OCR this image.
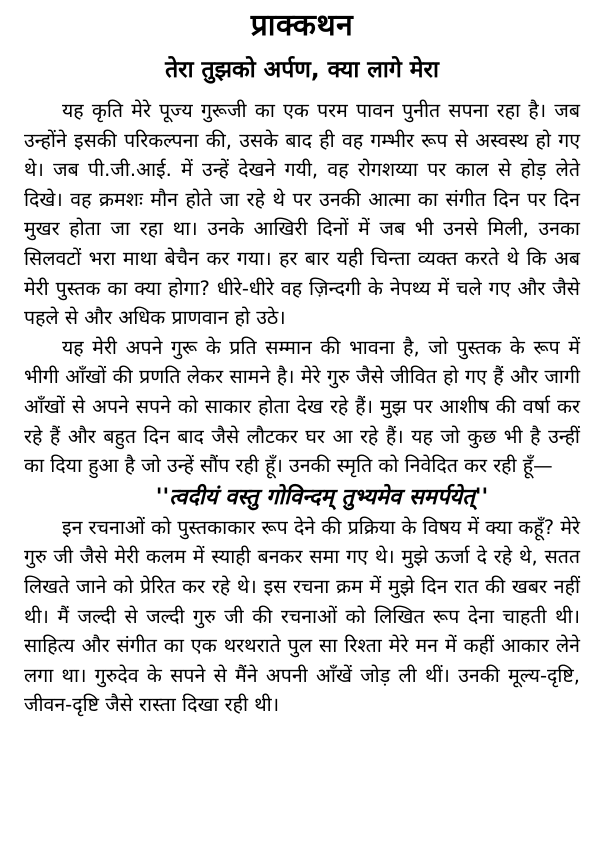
प्राक्कथन
तेरा तुझको अर्पण, क्या लागे मेरा

यह कृति मेरे पूज्य गुरूजी का एक परम पावन पुनीत सपना रहा है। जब उन्होंने इसकी परिकल्पना की, उसके बाद ही वह गम्भीर रूप से अस्वस्थ हो गए थे। जब पी.जी.आई. में उन्हें देखने गयी, वह रोगशय्या पर काल से होड़ लेते दिखे। वह क्रमशः मौन होते जा रहे थे पर उनकी आत्मा का संगीत दिन पर दिन मुखर होता जा रहा था। उनके आखिरी दिनों में जब भी उनसे मिली, उनका सिलवटों भरा माथा बेचैन कर गया। हर बार यही चिन्ता व्यक्त करते थे कि अब मेरी पुस्तक का क्या होगा? धीरे-धीरे वह ज़िन्दगी के नेपथ्य में चले गए और जैसे पहले से और अधिक प्राणवान हो उठे।

यह मेरी अपने गुरू के प्रति सम्मान की भावना है, जो पुस्तक के रूप में भीगी आँखों की प्रणति लेकर सामने है। मेरे गुरु जैसे जीवित हो गए हैं और जागी आँखों से अपने सपने को साकार होता देख रहे हैं। मुझ पर आशीष की वर्षा कर रहे हैं और बहुत दिन बाद जैसे लौटकर घर आ रहे हैं। यह जो कुछ भी है उन्हीं का दिया हुआ है जो उन्हें सौंप रही हूँ। उनकी स्मृति को निवेदित कर रही हूँ—

''त्वदीयं वस्तु गोविन्दम् तुभ्यमेव समर्पयेत्''

इन रचनाओं को पुस्तकाकार रूप देने की प्रक्रिया के विषय में क्या कहूँ? मेरे गुरु जी जैसे मेरी कलम में स्याही बनकर समा गए थे। मुझे ऊर्जा दे रहे थे, सतत लिखते जाने को प्रेरित कर रहे थे। इस रचना क्रम में मुझे दिन रात की खबर नहीं थी। मैं जल्दी से जल्दी गुरु जी की रचनाओं को लिखित रूप देना चाहती थी। साहित्य और संगीत का एक थरथराते पुल सा रिश्ता मेरे मन में कहीं आकार लेने लगा था। गुरुदेव के सपने से मैंने अपनी आँखें जोड़ ली थीं। उनकी मूल्य-दृष्टि, जीवन-दृष्टि जैसे रास्ता दिखा रही थी।
